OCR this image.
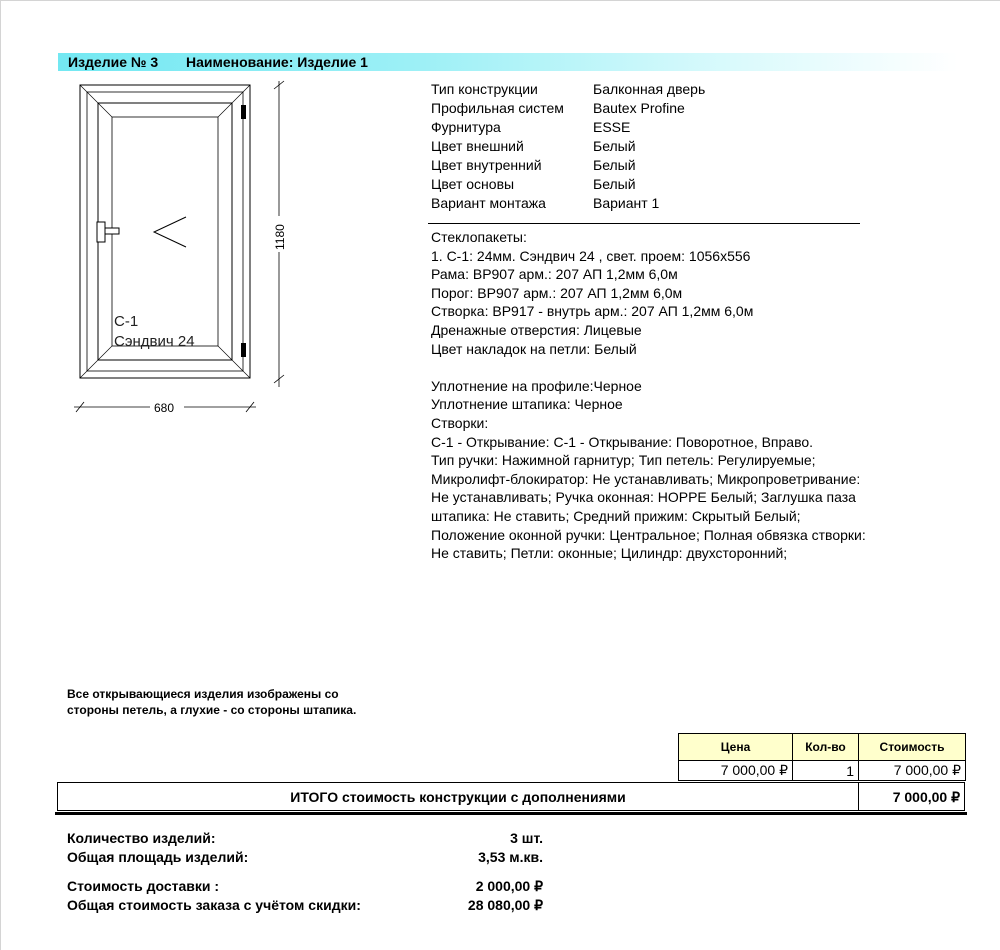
Изделие № 3 Наименование: Изделие 1
С-1
Сэндвич 24
1180
680
Тип конструкции	Балконная дверь
Профильная систем	Bautex Profine
Фурнитура	ESSE
Цвет внешний	Белый
Цвет внутренний	Белый
Цвет основы	Белый
Вариант монтажа	Вариант 1
Стеклопакеты:
1. С-1: 24мм. Сэндвич 24 , свет. проем: 1056x556
Рама: BP907 арм.: 207 АП 1,2мм 6,0м
Порог: BP907 арм.: 207 АП 1,2мм 6,0м
Створка: BP917 - внутрь арм.: 207 АП 1,2мм 6,0м
Дренажные отверстия: Лицевые
Цвет накладок на петли: Белый
Уплотнение на профиле:Черное
Уплотнение штапика: Черное
Створки:
С-1 - Открывание: С-1 - Открывание: Поворотное, Вправо.
Тип ручки: Нажимной гарнитур; Тип петель: Регулируемые;
Микролифт-блокиратор: Не устанавливать; Микропроветривание:
Не устанавливать; Ручка оконная: HOPPE Белый; Заглушка паза
штапика: Не ставить; Средний прижим: Скрытый Белый;
Положение оконной ручки: Центральное; Полная обвязка створки:
Не ставить; Петли: оконные; Цилиндр: двухсторонний;
Все открывающиеся изделия изображены со
стороны петель, а глухие - со стороны штапика.
Цена	Кол-во	Стоимость
7 000,00 ₽	1	7 000,00 ₽
ИТОГО стоимость конструкции с дополнениями	7 000,00 ₽
Количество изделий:	3 шт.
Общая площадь изделий:	3,53 м.кв.
Стоимость доставки :	2 000,00 ₽
Общая стоимость заказа с учётом скидки:	28 080,00 ₽
